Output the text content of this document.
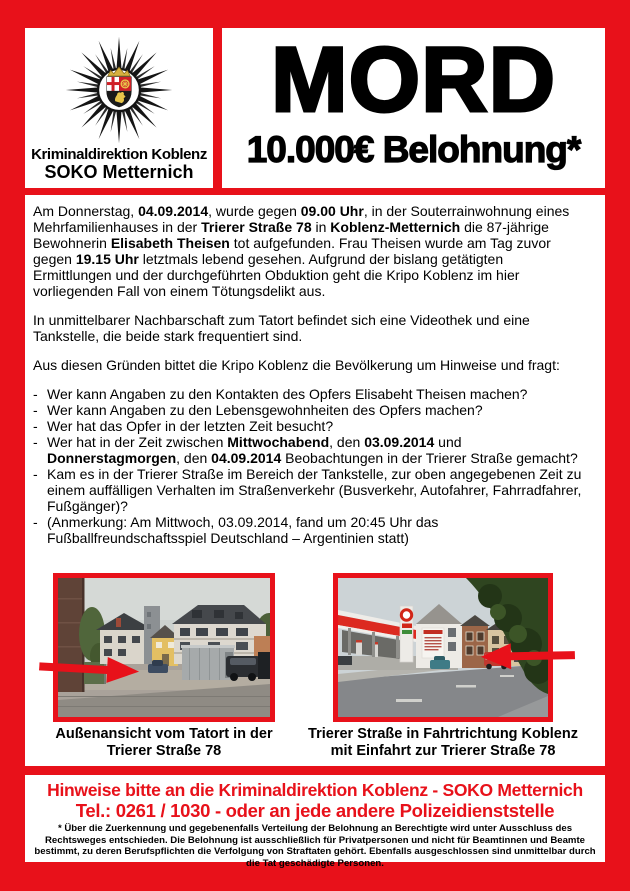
Kriminaldirektion Koblenz
SOKO Metternich
MORD
10.000€ Belohnung*

Am Donnerstag, 04.09.2014, wurde gegen 09.00 Uhr, in der Souterrainwohnung eines Mehrfamilienhauses in der Trierer Straße 78 in Koblenz-Metternich die 87-jährige Bewohnerin Elisabeth Theisen tot aufgefunden. Frau Theisen wurde am Tag zuvor gegen 19.15 Uhr letztmals lebend gesehen. Aufgrund der bislang getätigten Ermittlungen und der durchgeführten Obduktion geht die Kripo Koblenz im hier vorliegenden Fall von einem Tötungsdelikt aus.

In unmittelbarer Nachbarschaft zum Tatort befindet sich eine Videothek und eine Tankstelle, die beide stark frequentiert sind.

Aus diesen Gründen bittet die Kripo Koblenz die Bevölkerung um Hinweise und fragt:

- Wer kann Angaben zu den Kontakten des Opfers Elisabeht Theisen machen?
- Wer kann Angaben zu den Lebensgewohnheiten des Opfers machen?
- Wer hat das Opfer in der letzten Zeit besucht?
- Wer hat in der Zeit zwischen Mittwochabend, den 03.09.2014 und Donnerstagmorgen, den 04.09.2014 Beobachtungen in der Trierer Straße gemacht?
- Kam es in der Trierer Straße im Bereich der Tankstelle, zur oben angegebenen Zeit zu einem auffälligen Verhalten im Straßenverkehr (Busverkehr, Autofahrer, Fahrradfahrer, Fußgänger)?
- (Anmerkung: Am Mittwoch, 03.09.2014, fand um 20:45 Uhr das Fußballfreundschaftsspiel Deutschland – Argentinien statt)
Außenansicht vom Tatort in der
Trierer Straße 78
Trierer Straße in Fahrtrichtung Koblenz
mit Einfahrt zur Trierer Straße 78
Hinweise bitte an die Kriminaldirektion Koblenz - SOKO Metternich
Tel.: 0261 / 1030 - oder an jede andere Polizeidienststelle
* Über die Zuerkennung und gegebenenfalls Verteilung der Belohnung an Berechtigte wird unter Ausschluss des Rechtsweges entschieden. Die Belohnung ist ausschließlich für Privatpersonen und nicht für Beamtinnen und Beamte bestimmt, zu deren Berufspflichten die Verfolgung von Straftaten gehört. Ebenfalls ausgeschlossen sind unmittelbar durch die Tat geschädigte Personen.
